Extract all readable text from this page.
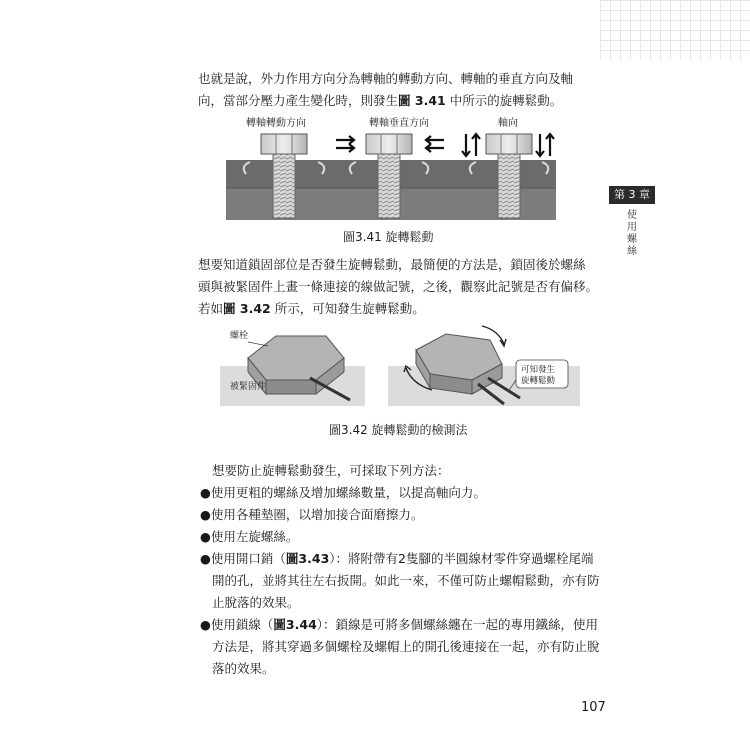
也就是說，外力作用方向分為轉軸的轉動方向、轉軸的垂直方向及軸

向，當部分壓力產生變化時，則發生圖 3.41 中所示的旋轉鬆動。

轉軸轉動方向	轉軸垂直方向	軸向
圖3.41 旋轉鬆動
第 3 章
使用螺絲

想要知道鎖固部位是否發生旋轉鬆動，最簡便的方法是，鎖固後於螺絲

頭與被緊固件上畫一條連接的線做記號，之後，觀察此記號是否有偏移。

若如圖 3.42 所示，可知發生旋轉鬆動。

螺栓
被緊固件
可知發生
旋轉鬆動
圖3.42 旋轉鬆動的檢測法

想要防止旋轉鬆動發生，可採取下列方法：

●使用更粗的螺絲及增加螺絲數量，以提高軸向力。
●使用各種墊圈，以增加接合面磨擦力。
●使用左旋螺絲。
●使用開口銷（圖3.43）：將附帶有2隻腳的半圓線材零件穿過螺栓尾端
開的孔，並將其往左右扳開。如此一來，不僅可防止螺帽鬆動，亦有防
止脫落的效果。
●使用鎖線（圖3.44）：鎖線是可將多個螺絲纏在一起的專用鐵絲，使用
方法是，將其穿過多個螺栓及螺帽上的開孔後連接在一起，亦有防止脫
落的效果。
107
